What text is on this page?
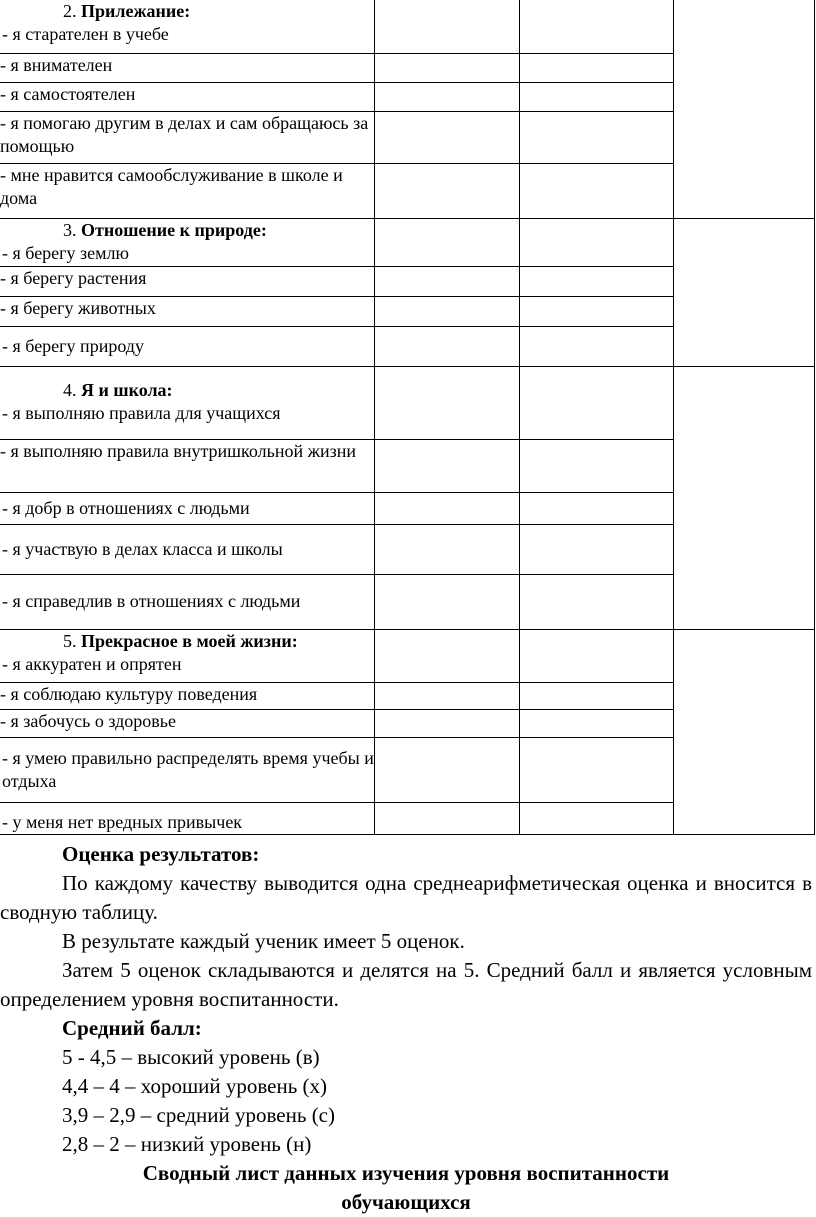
2. Прилежание:
- я старателен в учебе			

- я внимателен			
- я самостоятелен			
- я помогаю другим в делах и сам обращаюсь за помощью			
- мне нравится самообслуживание в школе и дома			

3. Отношение к природе:
- я берегу землю			

- я берегу растения			
- я берегу животных			

- я берегу природу			

4. Я и школа:
- я выполняю правила для учащихся			

- я выполняю правила внутришкольной жизни			

- я добр в отношениях с людьми			

- я участвую в делах класса и школы			

- я справедлив в отношениях с людьми			

5. Прекрасное в моей жизни:
- я аккуратен и опрятен			

- я соблюдаю культуру поведения			
- я забочусь о здоровье			

- я умею правильно распределять время учебы и отдыха			

- у меня нет вредных привычек			

Оценка результатов:

По каждому качеству выводится одна среднеарифметическая оценка и вносится в сводную таблицу.

В результате каждый ученик имеет 5 оценок.

Затем 5 оценок складываются и делятся на 5. Средний балл и является условным определением уровня воспитанности.

Средний балл:

5 - 4,5 – высокий уровень (в)

4,4 – 4 – хороший уровень (х)

3,9 – 2,9 – средний уровень (с)

2,8 – 2 – низкий уровень (н)

Сводный лист данных изучения уровня воспитанности

обучающихся
